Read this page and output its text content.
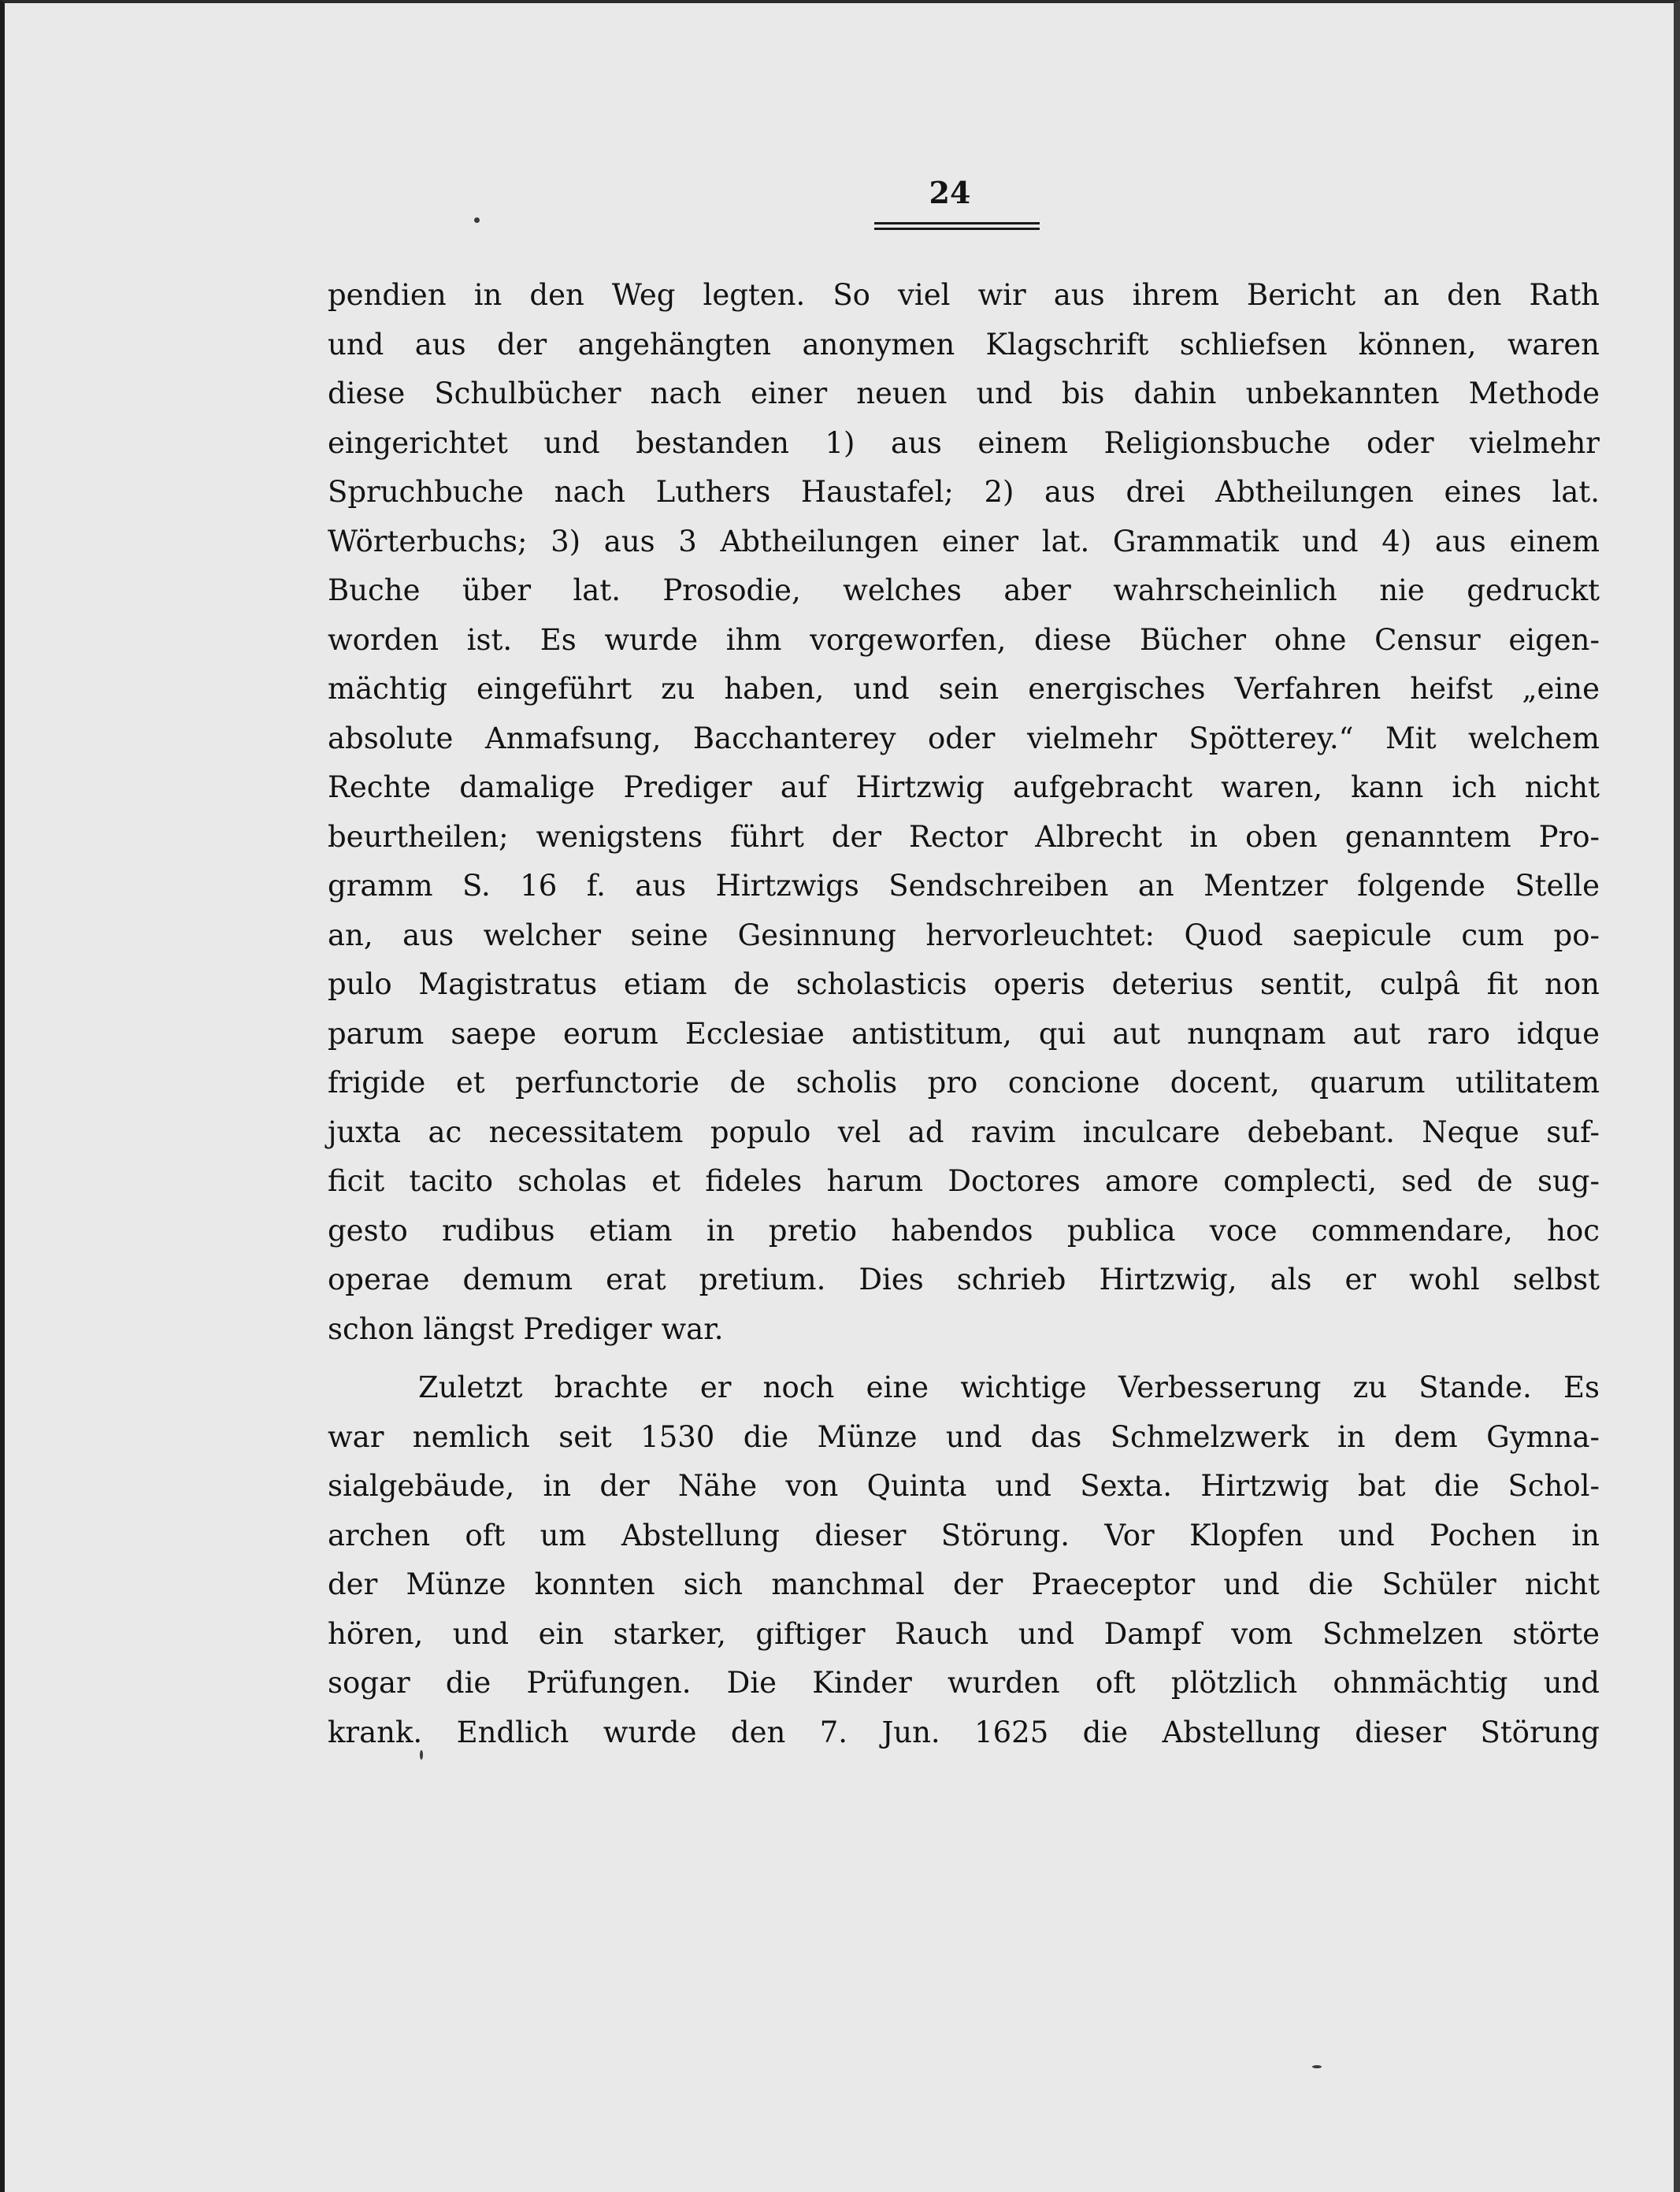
24
pendien in den Weg legten. So viel wir aus ihrem Bericht an den Rath
und aus der angehängten anonymen Klagschrift schliefsen können, waren
diese Schulbücher nach einer neuen und bis dahin unbekannten Methode
eingerichtet und bestanden 1) aus einem Religionsbuche oder vielmehr
Spruchbuche nach Luthers Haustafel; 2) aus drei Abtheilungen eines lat.
Wörterbuchs; 3) aus 3 Abtheilungen einer lat. Grammatik und 4) aus einem
Buche über lat. Prosodie, welches aber wahrscheinlich nie gedruckt
worden ist. Es wurde ihm vorgeworfen, diese Bücher ohne Censur eigen-
mächtig eingeführt zu haben, und sein energisches Verfahren heifst „eine
absolute Anmafsung, Bacchanterey oder vielmehr Spötterey.“ Mit welchem
Rechte damalige Prediger auf Hirtzwig aufgebracht waren, kann ich nicht
beurtheilen; wenigstens führt der Rector Albrecht in oben genanntem Pro-
gramm S. 16 f. aus Hirtzwigs Sendschreiben an Mentzer folgende Stelle
an, aus welcher seine Gesinnung hervorleuchtet: Quod saepicule cum po-
pulo Magistratus etiam de scholasticis operis deterius sentit, culpâ fit non
parum saepe eorum Ecclesiae antistitum, qui aut nunqnam aut raro idque
frigide et perfunctorie de scholis pro concione docent, quarum utilitatem
juxta ac necessitatem populo vel ad ravim inculcare debebant. Neque suf-
ficit tacito scholas et fideles harum Doctores amore complecti, sed de sug-
gesto rudibus etiam in pretio habendos publica voce commendare, hoc
operae demum erat pretium. Dies schrieb Hirtzwig, als er wohl selbst
schon längst Prediger war.
Zuletzt brachte er noch eine wichtige Verbesserung zu Stande. Es
war nemlich seit 1530 die Münze und das Schmelzwerk in dem Gymna-
sialgebäude, in der Nähe von Quinta und Sexta. Hirtzwig bat die Schol-
archen oft um Abstellung dieser Störung. Vor Klopfen und Pochen in
der Münze konnten sich manchmal der Praeceptor und die Schüler nicht
hören, und ein starker, giftiger Rauch und Dampf vom Schmelzen störte
sogar die Prüfungen. Die Kinder wurden oft plötzlich ohnmächtig und
krank. Endlich wurde den 7. Jun. 1625 die Abstellung dieser Störung
